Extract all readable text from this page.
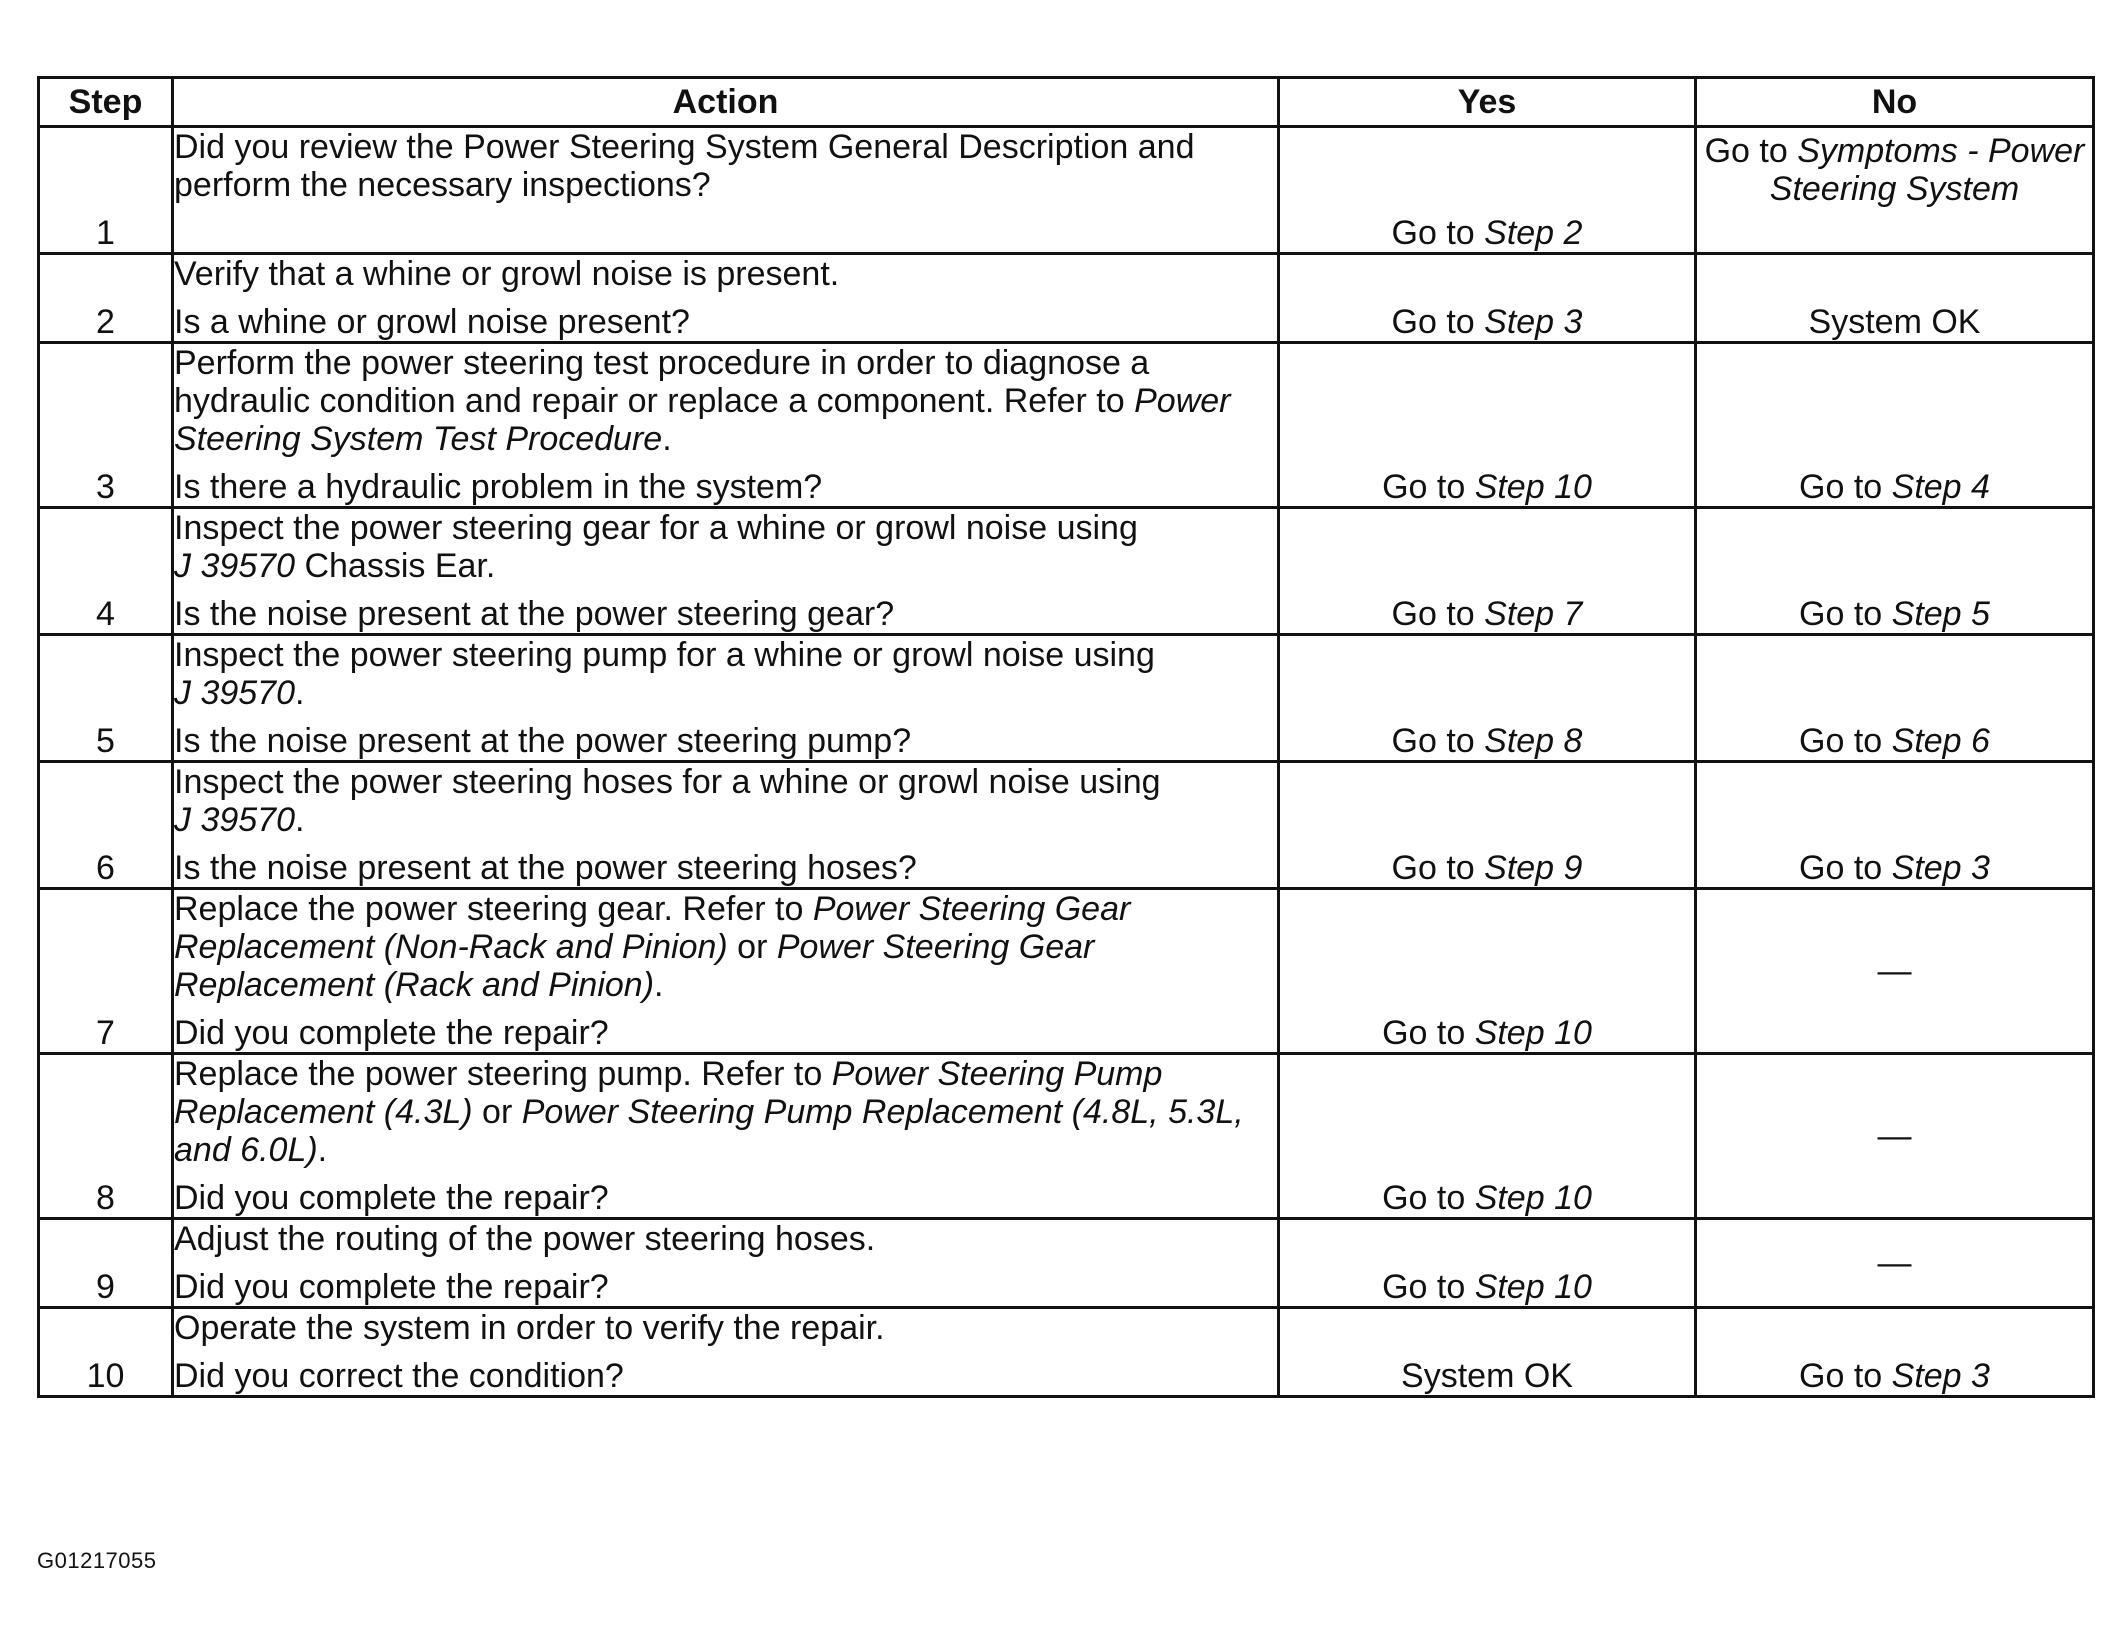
Step	Action	Yes	No
1	Did you review the Power Steering System General Description and perform the necessary inspections?	Go to Step 2	Go to Symptoms - Power Steering System
2	Verify that a whine or growl noise is present.

Is a whine or growl noise present?	Go to Step 3	System OK
3	Perform the power steering test procedure in order to diagnose a hydraulic condition and repair or replace a component. Refer to Power Steering System Test Procedure.

Is there a hydraulic problem in the system?	Go to Step 10	Go to Step 4
4	Inspect the power steering gear for a whine or growl noise using
J 39570 Chassis Ear.

Is the noise present at the power steering gear?	Go to Step 7	Go to Step 5
5	Inspect the power steering pump for a whine or growl noise using
J 39570.

Is the noise present at the power steering pump?	Go to Step 8	Go to Step 6
6	Inspect the power steering hoses for a whine or growl noise using
J 39570.

Is the noise present at the power steering hoses?	Go to Step 9	Go to Step 3
7	Replace the power steering gear. Refer to Power Steering Gear Replacement (Non-Rack and Pinion) or Power Steering Gear Replacement (Rack and Pinion).

Did you complete the repair?	Go to Step 10	—
8	Replace the power steering pump. Refer to Power Steering Pump Replacement (4.3L) or Power Steering Pump Replacement (4.8L, 5.3L, and 6.0L).

Did you complete the repair?	Go to Step 10	—
9	Adjust the routing of the power steering hoses.

Did you complete the repair?	Go to Step 10	—
10	Operate the system in order to verify the repair.

Did you correct the condition?	System OK	Go to Step 3
G01217055
